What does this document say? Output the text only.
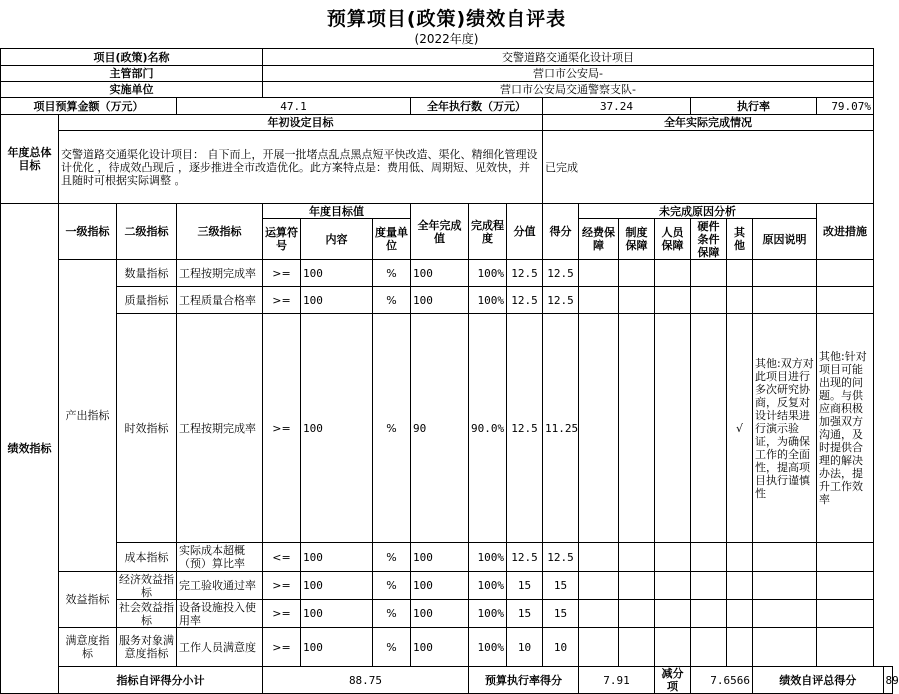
预算项目(政策)绩效自评表
(2022年度)
项目(政策)名称				交警道路交通渠化设计项目															
主管部门				营口市公安局-															
实施单位				营口市公安局交通警察支队-															
项目预算金额（万元）			47.1				全年执行数（万元）			37.24				执行率			79.07%		
年度总体目标	年初设定目标									全年实际完成情况									
	交警道路交通渠化设计项目： 自下而上，开展一批堵点乱点黑点短平快改造、渠化、精细化管理设计优化 ，待成效凸现后 ，逐步推进全市改造优化。此方案特点是：费用低、周期短、见效快，并且随时可根据实际调整 。									已完成									
绩效指标	一级指标	二级指标	三级指标	年度目标值			全年完成值	完成程度	分值	得分	未完成原因分析						改进措施		
				运算符号	内容	度量单位					经费保障	制度保障	人员保障	硬件条件保障	其他	原因说明			
	产出指标	数量指标	工程按期完成率	>=	100	%	100	100%	12.5	12.5									
		质量指标	工程质量合格率	>=	100	%	100	100%	12.5	12.5									
		时效指标	工程按期完成率	>=	100	%	90	90.0%	12.5	11.25					√	其他:双方对此项目进行多次研究协商，反复对设计结果进行演示验证，为确保工作的全面性，提高项目执行谨慎性	其他:针对项目可能出现的问题。与供应商积极加强双方沟通，及时提供合理的解决办法，提升工作效率		

		成本指标	实际成本超概（预）算比率	<=	100	%	100	100%	12.5	12.5									
	效益指标	经济效益指标	完工验收通过率	>=	100	%	100	100%	15	15									
		社会效益指标	设备设施投入使用率	>=	100	%	100	100%	15	15									
	满意度指标	服务对象满意度指标	工作人员满意度	>=	100	%	100	100%	10	10									
	指标自评得分小计			88.75				预算执行率得分			7.91		减分项	7.6566		绩效自评总得分			89
